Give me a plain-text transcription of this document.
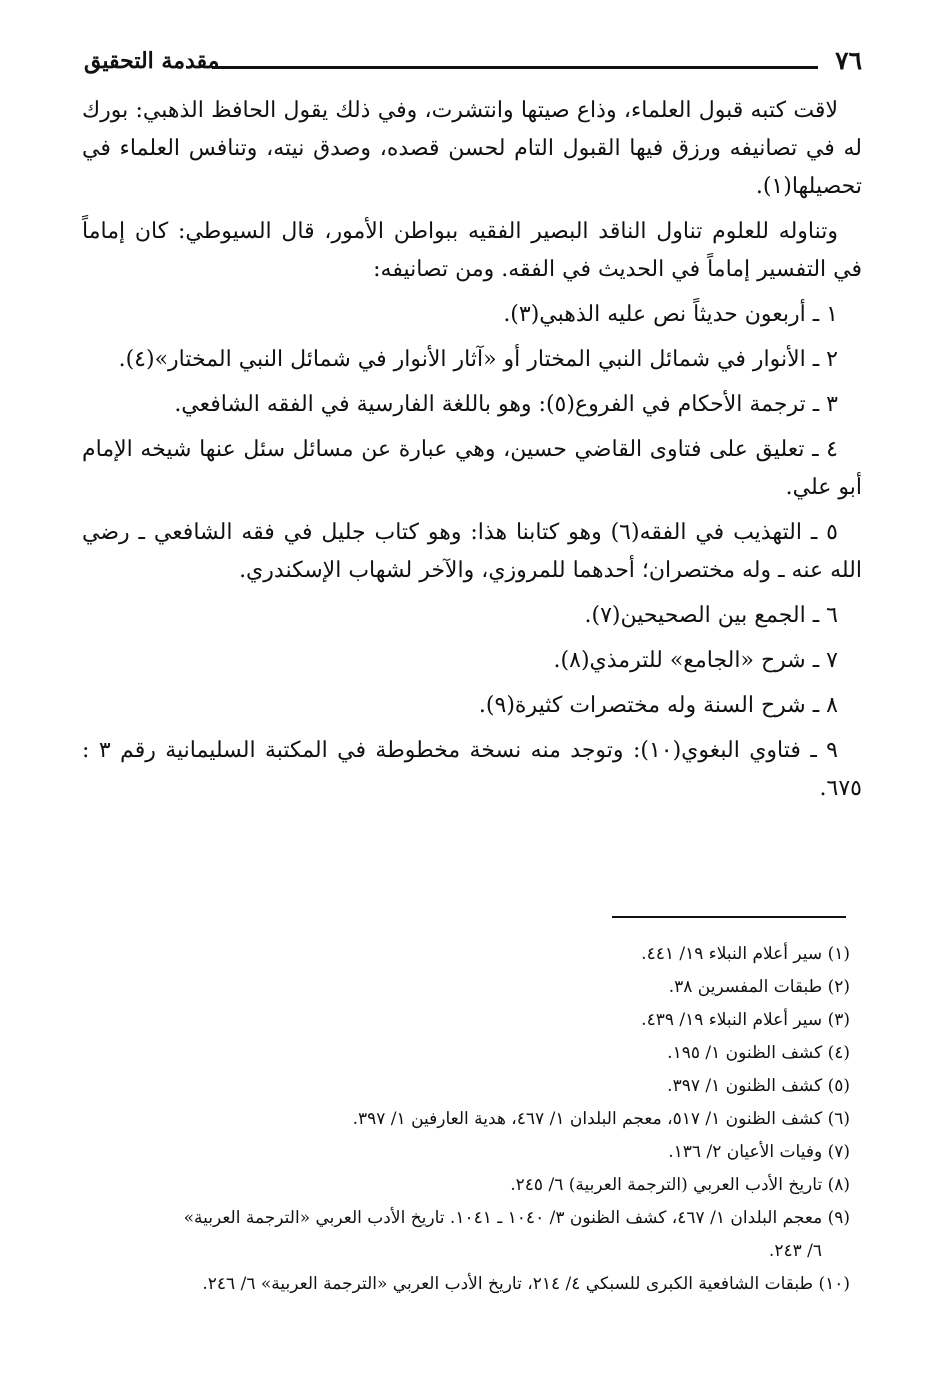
٧٦
مقدمة التحقيق

لاقت كتبه قبول العلماء، وذاع صيتها وانتشرت، وفي ذلك يقول الحافظ الذهبي: بورك له في تصانيفه ورزق فيها القبول التام لحسن قصده، وصدق نيته، وتنافس العلماء في تحصيلها(١).

وتناوله للعلوم تناول الناقد البصير الفقيه ببواطن الأمور، قال السيوطي: كان إماماً في التفسير إماماً في الحديث في الفقه. ومن تصانيفه:

١ ـ أربعون حديثاً نص عليه الذهبي(٣).

٢ ـ الأنوار في شمائل النبي المختار أو «آثار الأنوار في شمائل النبي المختار»(٤).

٣ ـ ترجمة الأحكام في الفروع(٥): وهو باللغة الفارسية في الفقه الشافعي.

٤ ـ تعليق على فتاوى القاضي حسين، وهي عبارة عن مسائل سئل عنها شيخه الإمام أبو علي.

٥ ـ التهذيب في الفقه(٦) وهو كتابنا هذا: وهو كتاب جليل في فقه الشافعي ـ رضي الله عنه ـ وله مختصران؛ أحدهما للمروزي، والآخر لشهاب الإسكندري.

٦ ـ الجمع بين الصحيحين(٧).

٧ ـ شرح «الجامع» للترمذي(٨).

٨ ـ شرح السنة وله مختصرات كثيرة(٩).

٩ ـ فتاوي البغوي(١٠): وتوجد منه نسخة مخطوطة في المكتبة السليمانية رقم ٣ : ٦٧٥.

(١) سير أعلام النبلاء ١٩/ ٤٤١.
(٢) طبقات المفسرين ٣٨.
(٣) سير أعلام النبلاء ١٩/ ٤٣٩.
(٤) كشف الظنون ١/ ١٩٥.
(٥) كشف الظنون ١/ ٣٩٧.
(٦) كشف الظنون ١/ ٥١٧، معجم البلدان ١/ ٤٦٧، هدية العارفين ١/ ٣٩٧.
(٧) وفيات الأعيان ٢/ ١٣٦.
(٨) تاريخ الأدب العربي (الترجمة العربية) ٦/ ٢٤٥.
(٩) معجم البلدان ١/ ٤٦٧، كشف الظنون ٣/ ١٠٤٠ ـ ١٠٤١. تاريخ الأدب العربي «الترجمة العربية»
٦/ ٢٤٣.
(١٠) طبقات الشافعية الكبرى للسبكي ٤/ ٢١٤، تاريخ الأدب العربي «الترجمة العربية» ٦/ ٢٤٦.
